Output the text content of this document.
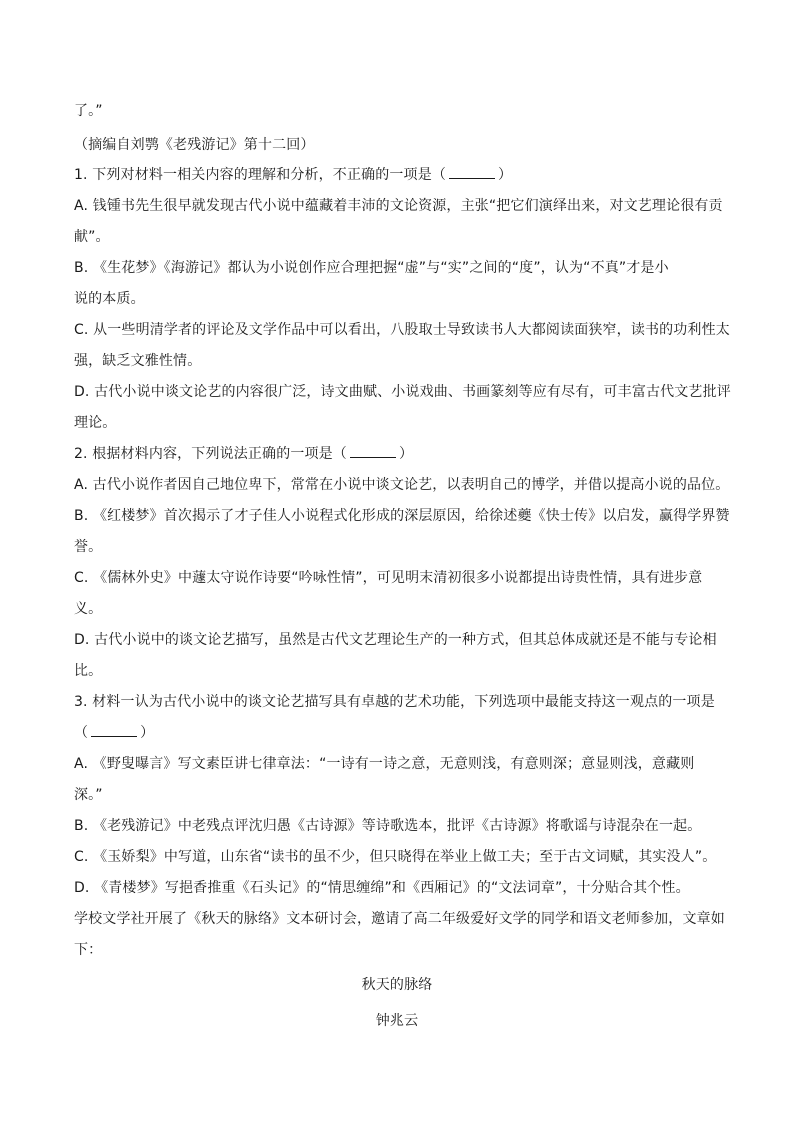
了。”
（摘编自刘鹗《老残游记》第十二回）
1. 下列对材料一相关内容的理解和分析，不正确的一项是（	）
A. 钱锺书先生很早就发现古代小说中蕴藏着丰沛的文论资源，主张“把它们演绎出来，对文艺理论很有贡
献”。
B. 《生花梦》《海游记》都认为小说创作应合理把握“虚”与“实”之间的“度”，认为“不真”才是小
说的本质。
C. 从一些明清学者的评论及文学作品中可以看出，八股取士导致读书人大都阅读面狭窄，读书的功利性太
强，缺乏文雅性情。
D. 古代小说中谈文论艺的内容很广泛，诗文曲赋、小说戏曲、书画篆刻等应有尽有，可丰富古代文艺批评
理论。
2. 根据材料内容，下列说法正确的一项是（	）
A. 古代小说作者因自己地位卑下，常常在小说中谈文论艺，以表明自己的博学，并借以提高小说的品位。
B. 《红楼梦》首次揭示了才子佳人小说程式化形成的深层原因，给徐述夔《快士传》以启发，赢得学界赞
誉。
C. 《儒林外史》中蘧太守说作诗要“吟咏性情”，可见明末清初很多小说都提出诗贵性情，具有进步意
义。
D. 古代小说中的谈文论艺描写，虽然是古代文艺理论生产的一种方式，但其总体成就还是不能与专论相
比。
3. 材料一认为古代小说中的谈文论艺描写具有卓越的艺术功能，下列选项中最能支持这一观点的一项是
（	）
A. 《野叟曝言》写文素臣讲七律章法：“一诗有一诗之意，无意则浅，有意则深；意显则浅，意藏则
深。”
B. 《老残游记》中老残点评沈归愚《古诗源》等诗歌选本，批评《古诗源》将歌谣与诗混杂在一起。
C. 《玉娇梨》中写道，山东省“读书的虽不少，但只晓得在举业上做工夫；至于古文词赋，其实没人”。
D. 《青楼梦》写挹香推重《石头记》的“情思缠绵”和《西厢记》的“文法词章”，十分贴合其个性。
学校文学社开展了《秋天的脉络》文本研讨会，邀请了高二年级爱好文学的同学和语文老师参加，文章如
下：
秋天的脉络
钟兆云
